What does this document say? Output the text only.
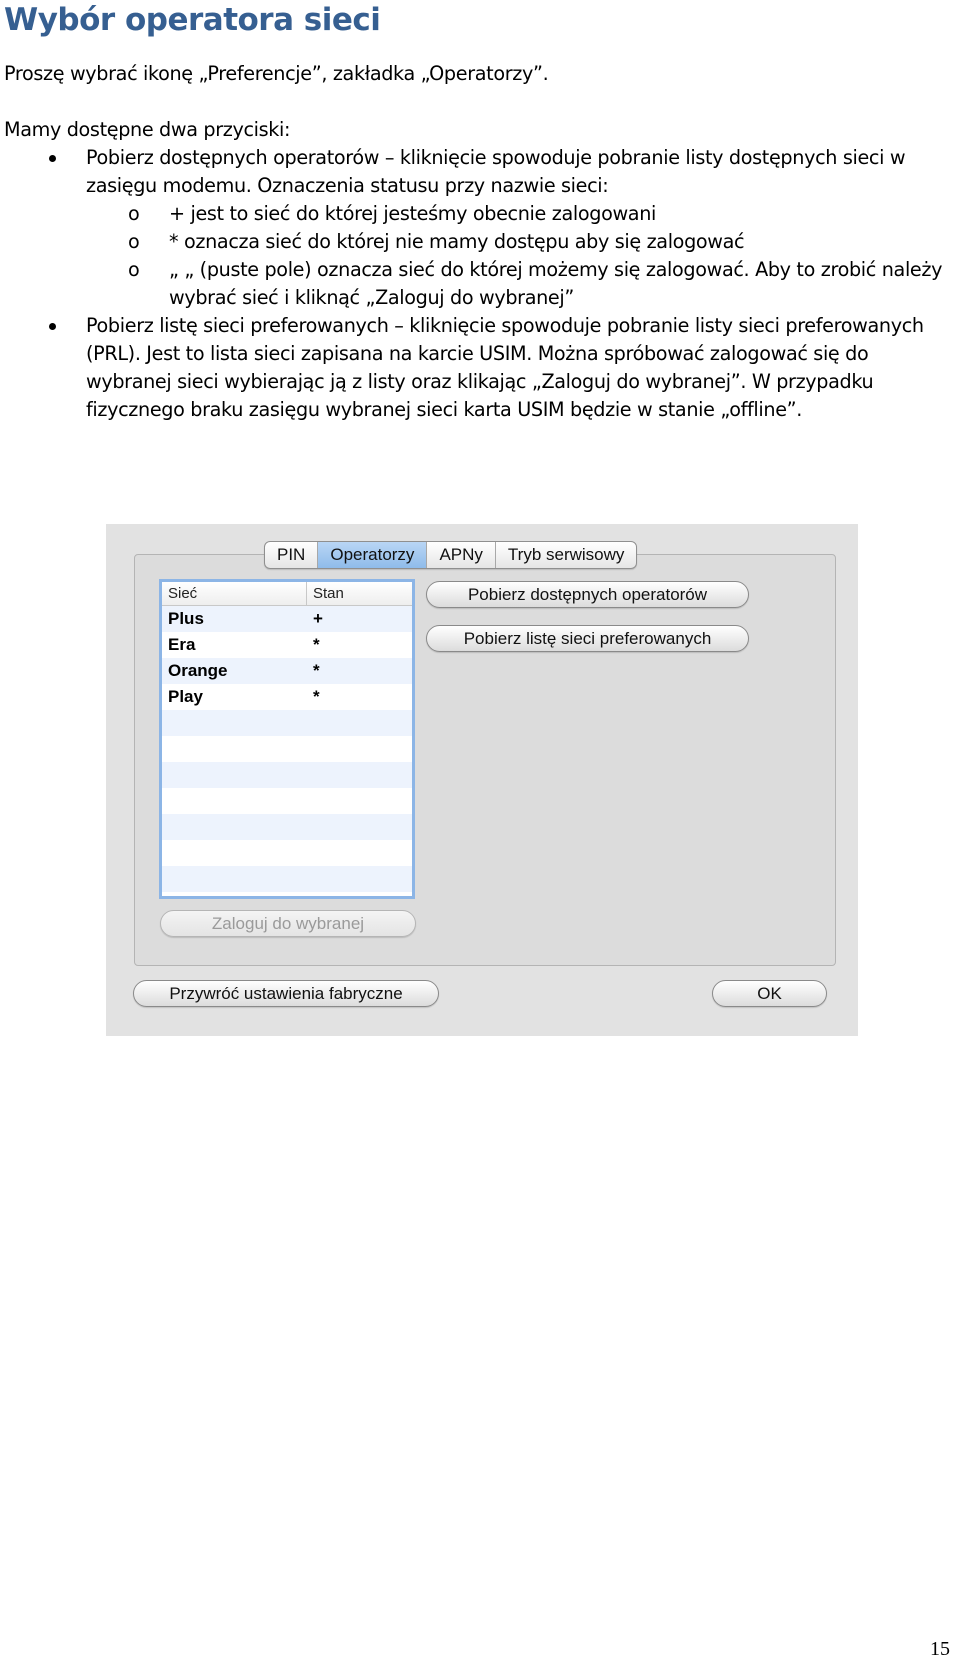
Wybór operatora sieci

Proszę wybrać ikonę „Preferencje”, zakładka „Operatorzy”.

Mamy dostępne dwa przyciski:

Pobierz dostępnych operatorów – kliknięcie spowoduje pobranie listy dostępnych sieci w zasięgu modemu. Oznaczenia statusu przy nazwie sieci:
o + jest to sieć do której jesteśmy obecnie zalogowani
o * oznacza sieć do której nie mamy dostępu aby się zalogować
o „ „ (puste pole) oznacza sieć do której możemy się zalogować. Aby to zrobić należy wybrać sieć i kliknąć „Zaloguj do wybranej”
Pobierz listę sieci preferowanych – kliknięcie spowoduje pobranie listy sieci preferowanych (PRL). Jest to lista sieci zapisana na karcie USIM. Można spróbować zalogować się do wybranej sieci wybierając ją z listy oraz klikając „Zaloguj do wybranej”. W przypadku fizycznego braku zasięgu wybranej sieci karta USIM będzie w stanie „offline”.
PIN	Operatorzy	APNy	Tryb serwisowy
Sieć	Stan
Plus	+
Era	*
Orange	*
Play	*
Pobierz dostępnych operatorów
Pobierz listę sieci preferowanych
Zaloguj do wybranej
Przywróć ustawienia fabryczne	OK
15
